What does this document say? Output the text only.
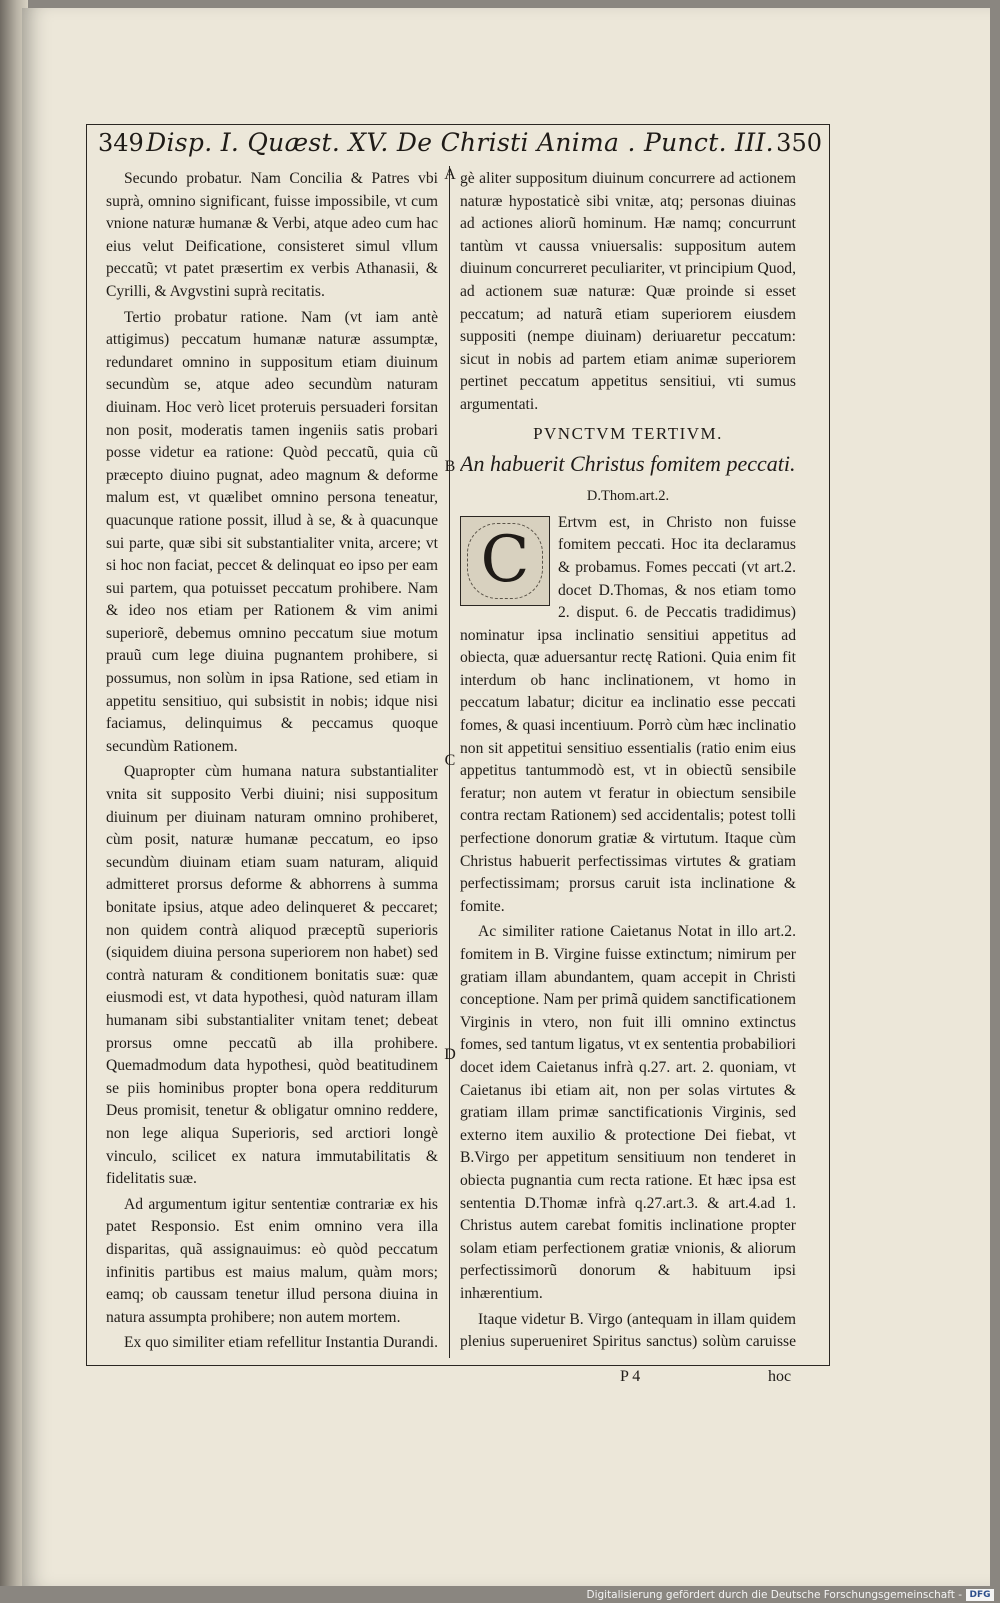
349 Disp. I. Quæst. XV. De Christi Anima . Punct. III. 350
A
B
C
D

Secundo probatur. Nam Concilia & Patres vbi suprà, omnino significant, fuisse impossibile, vt cum vnione naturæ humanæ & Verbi, atque adeo cum hac eius velut Deificatione, consisteret simul vllum peccatũ; vt patet præsertim ex verbis Athanasii, & Cyrilli, & Avgvstini suprà recitatis.

Tertio probatur ratione. Nam (vt iam antè attigimus) peccatum humanæ naturæ assumptæ, redundaret omnino in suppositum etiam diuinum secundùm se, atque adeo secundùm naturam diuinam. Hoc verò licet proteruis persuaderi forsitan non posit, moderatis tamen ingeniis satis probari posse videtur ea ratione: Quòd peccatũ, quia cũ præcepto diuino pugnat, adeo magnum & deforme malum est, vt quælibet omnino persona teneatur, quacunque ratione possit, illud à se, & à quacunque sui parte, quæ sibi sit substantialiter vnita, arcere; vt si hoc non faciat, peccet & delinquat eo ipso per eam sui partem, qua potuisset peccatum prohibere. Nam & ideo nos etiam per Rationem & vim animi superiorẽ, debemus omnino peccatum siue motum prauũ cum lege diuina pugnantem prohibere, si possumus, non solùm in ipsa Ratione, sed etiam in appetitu sensitiuo, qui subsistit in nobis; idque nisi faciamus, delinquimus & peccamus quoque secundùm Rationem.

Quapropter cùm humana natura substantialiter vnita sit supposito Verbi diuini; nisi suppositum diuinum per diuinam naturam omnino prohiberet, cùm posit, naturæ humanæ peccatum, eo ipso secundùm diuinam etiam suam naturam, aliquid admitteret prorsus deforme & abhorrens à summa bonitate ipsius, atque adeo delinqueret & peccaret; non quidem contrà aliquod præceptũ superioris (siquidem diuina persona superiorem non habet) sed contrà naturam & conditionem bonitatis suæ: quæ eiusmodi est, vt data hypothesi, quòd naturam illam humanam sibi substantialiter vnitam tenet; debeat prorsus omne peccatũ ab illa prohibere. Quemadmodum data hypothesi, quòd beatitudinem se piis hominibus propter bona opera redditurum Deus promisit, tenetur & obligatur omnino reddere, non lege aliqua Superioris, sed arctiori longè vinculo, scilicet ex natura immutabilitatis & fidelitatis suæ.

Ad argumentum igitur sententiæ contrariæ ex his patet Responsio. Est enim omnino vera illa disparitas, quã assignauimus: eò quòd peccatum infinitis partibus est maius malum, quàm mors; eamq; ob caussam tenetur illud persona diuina in natura assumpta prohibere; non autem mortem.

Ex quo similiter etiam refellitur Instantia Durandi.

gè aliter suppositum diuinum concurrere ad actionem naturæ hypostaticè sibi vnitæ, atq; personas diuinas ad actiones aliorũ hominum. Hæ namq; concurrunt tantùm vt caussa vniuersalis: suppositum autem diuinum concurreret peculiariter, vt principium Quod, ad actionem suæ naturæ: Quæ proinde si esset peccatum; ad naturã etiam superiorem eiusdem suppositi (nempe diuinam) deriuaretur peccatum: sicut in nobis ad partem etiam animæ superiorem pertinet peccatum appetitus sensitiui, vti sumus argumentati.

PVNCTVM TERTIVM.
An habuerit Christus fomitem peccati.
D.Thom.art.2.
C

Ertvm est, in Christo non fuisse fomitem peccati. Hoc ita declaramus & probamus. Fomes peccati (vt art.2. docet D.Thomas, & nos etiam tomo 2. disput. 6. de Peccatis tradidimus) nominatur ipsa inclinatio sensitiui appetitus ad obiecta, quæ aduersantur rectę Rationi. Quia enim fit interdum ob hanc inclinationem, vt homo in peccatum labatur; dicitur ea inclinatio esse peccati fomes, & quasi incentiuum. Porrò cùm hæc inclinatio non sit appetitui sensitiuo essentialis (ratio enim eius appetitus tantummodò est, vt in obiectũ sensibile feratur; non autem vt feratur in obiectum sensibile contra rectam Rationem) sed accidentalis; potest tolli perfectione donorum gratiæ & virtutum. Itaque cùm Christus habuerit perfectissimas virtutes & gratiam perfectissimam; prorsus caruit ista inclinatione & fomite.

Ac similiter ratione Caietanus Notat in illo art.2. fomitem in B. Virgine fuisse extinctum; nimirum per gratiam illam abundantem, quam accepit in Christi conceptione. Nam per primã quidem sanctificationem Virginis in vtero, non fuit illi omnino extinctus fomes, sed tantum ligatus, vt ex sententia probabiliori docet idem Caietanus infrà q.27. art. 2. quoniam, vt Caietanus ibi etiam ait, non per solas virtutes & gratiam illam primæ sanctificationis Virginis, sed externo item auxilio & protectione Dei fiebat, vt B.Virgo per appetitum sensitiuum non tenderet in obiecta pugnantia cum recta ratione. Et hæc ipsa est sententia D.Thomæ infrà q.27.art.3. & art.4.ad 1. Christus autem carebat fomitis inclinatione propter solam etiam perfectionem gratiæ vnionis, & aliorum perfectissimorũ donorum & habituum ipsi inhærentium.

Itaque videtur B. Virgo (antequam in illam quidem plenius superueniret Spiritus sanctus) solùm caruisse

P 4	hoc
Digitalisierung gefördert durch die Deutsche Forschungsgemeinschaft - DFG
